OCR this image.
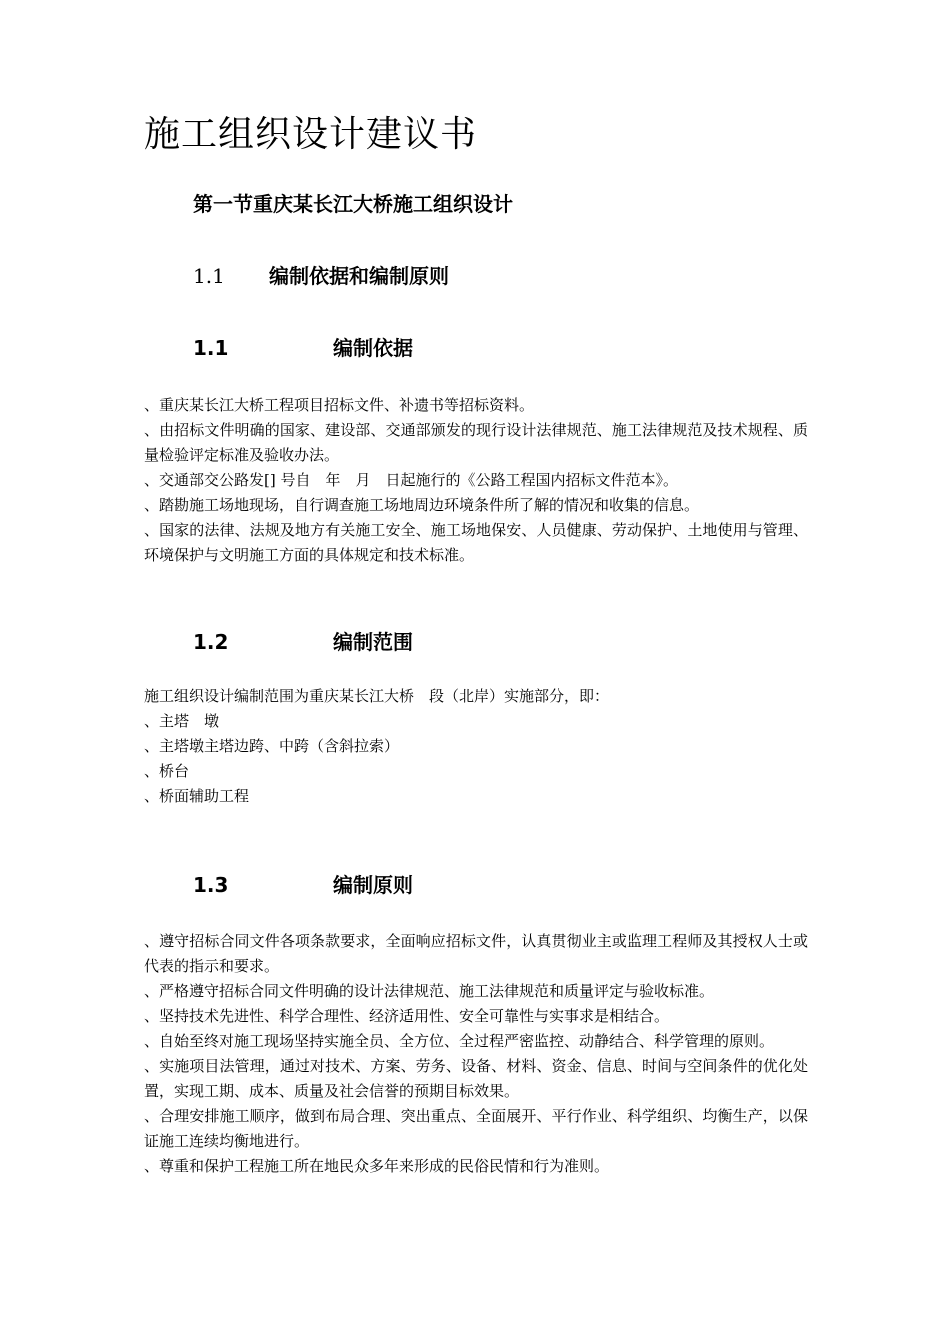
施工组织设计建议书
第一节重庆某长江大桥施工组织设计
1.1 编制依据和编制原则
1.1	编制依据

、重庆某长江大桥工程项目招标文件、补遗书等招标资料。

、由招标文件明确的国家、建设部、交通部颁发的现行设计法律规范、施工法律规范及技术规程、质量检验评定标准及验收办法。

、交通部交公路发[] 号自　年　月　日起施行的《公路工程国内招标文件范本》。

、踏勘施工场地现场，自行调查施工场地周边环境条件所了解的情况和收集的信息。

、国家的法律、法规及地方有关施工安全、施工场地保安、人员健康、劳动保护、土地使用与管理、环境保护与文明施工方面的具体规定和技术标准。

1.2	编制范围

施工组织设计编制范围为重庆某长江大桥　段（北岸）实施部分，即：

、主塔　墩

、主塔墩主塔边跨、中跨（含斜拉索）

、桥台

、桥面辅助工程

1.3	编制原则

、遵守招标合同文件各项条款要求，全面响应招标文件，认真贯彻业主或监理工程师及其授权人士或代表的指示和要求。

、严格遵守招标合同文件明确的设计法律规范、施工法律规范和质量评定与验收标准。

、坚持技术先进性、科学合理性、经济适用性、安全可靠性与实事求是相结合。

、自始至终对施工现场坚持实施全员、全方位、全过程严密监控、动静结合、科学管理的原则。

、实施项目法管理，通过对技术、方案、劳务、设备、材料、资金、信息、时间与空间条件的优化处置，实现工期、成本、质量及社会信誉的预期目标效果。

、合理安排施工顺序，做到布局合理、突出重点、全面展开、平行作业、科学组织、均衡生产，以保证施工连续均衡地进行。

、尊重和保护工程施工所在地民众多年来形成的民俗民情和行为准则。
